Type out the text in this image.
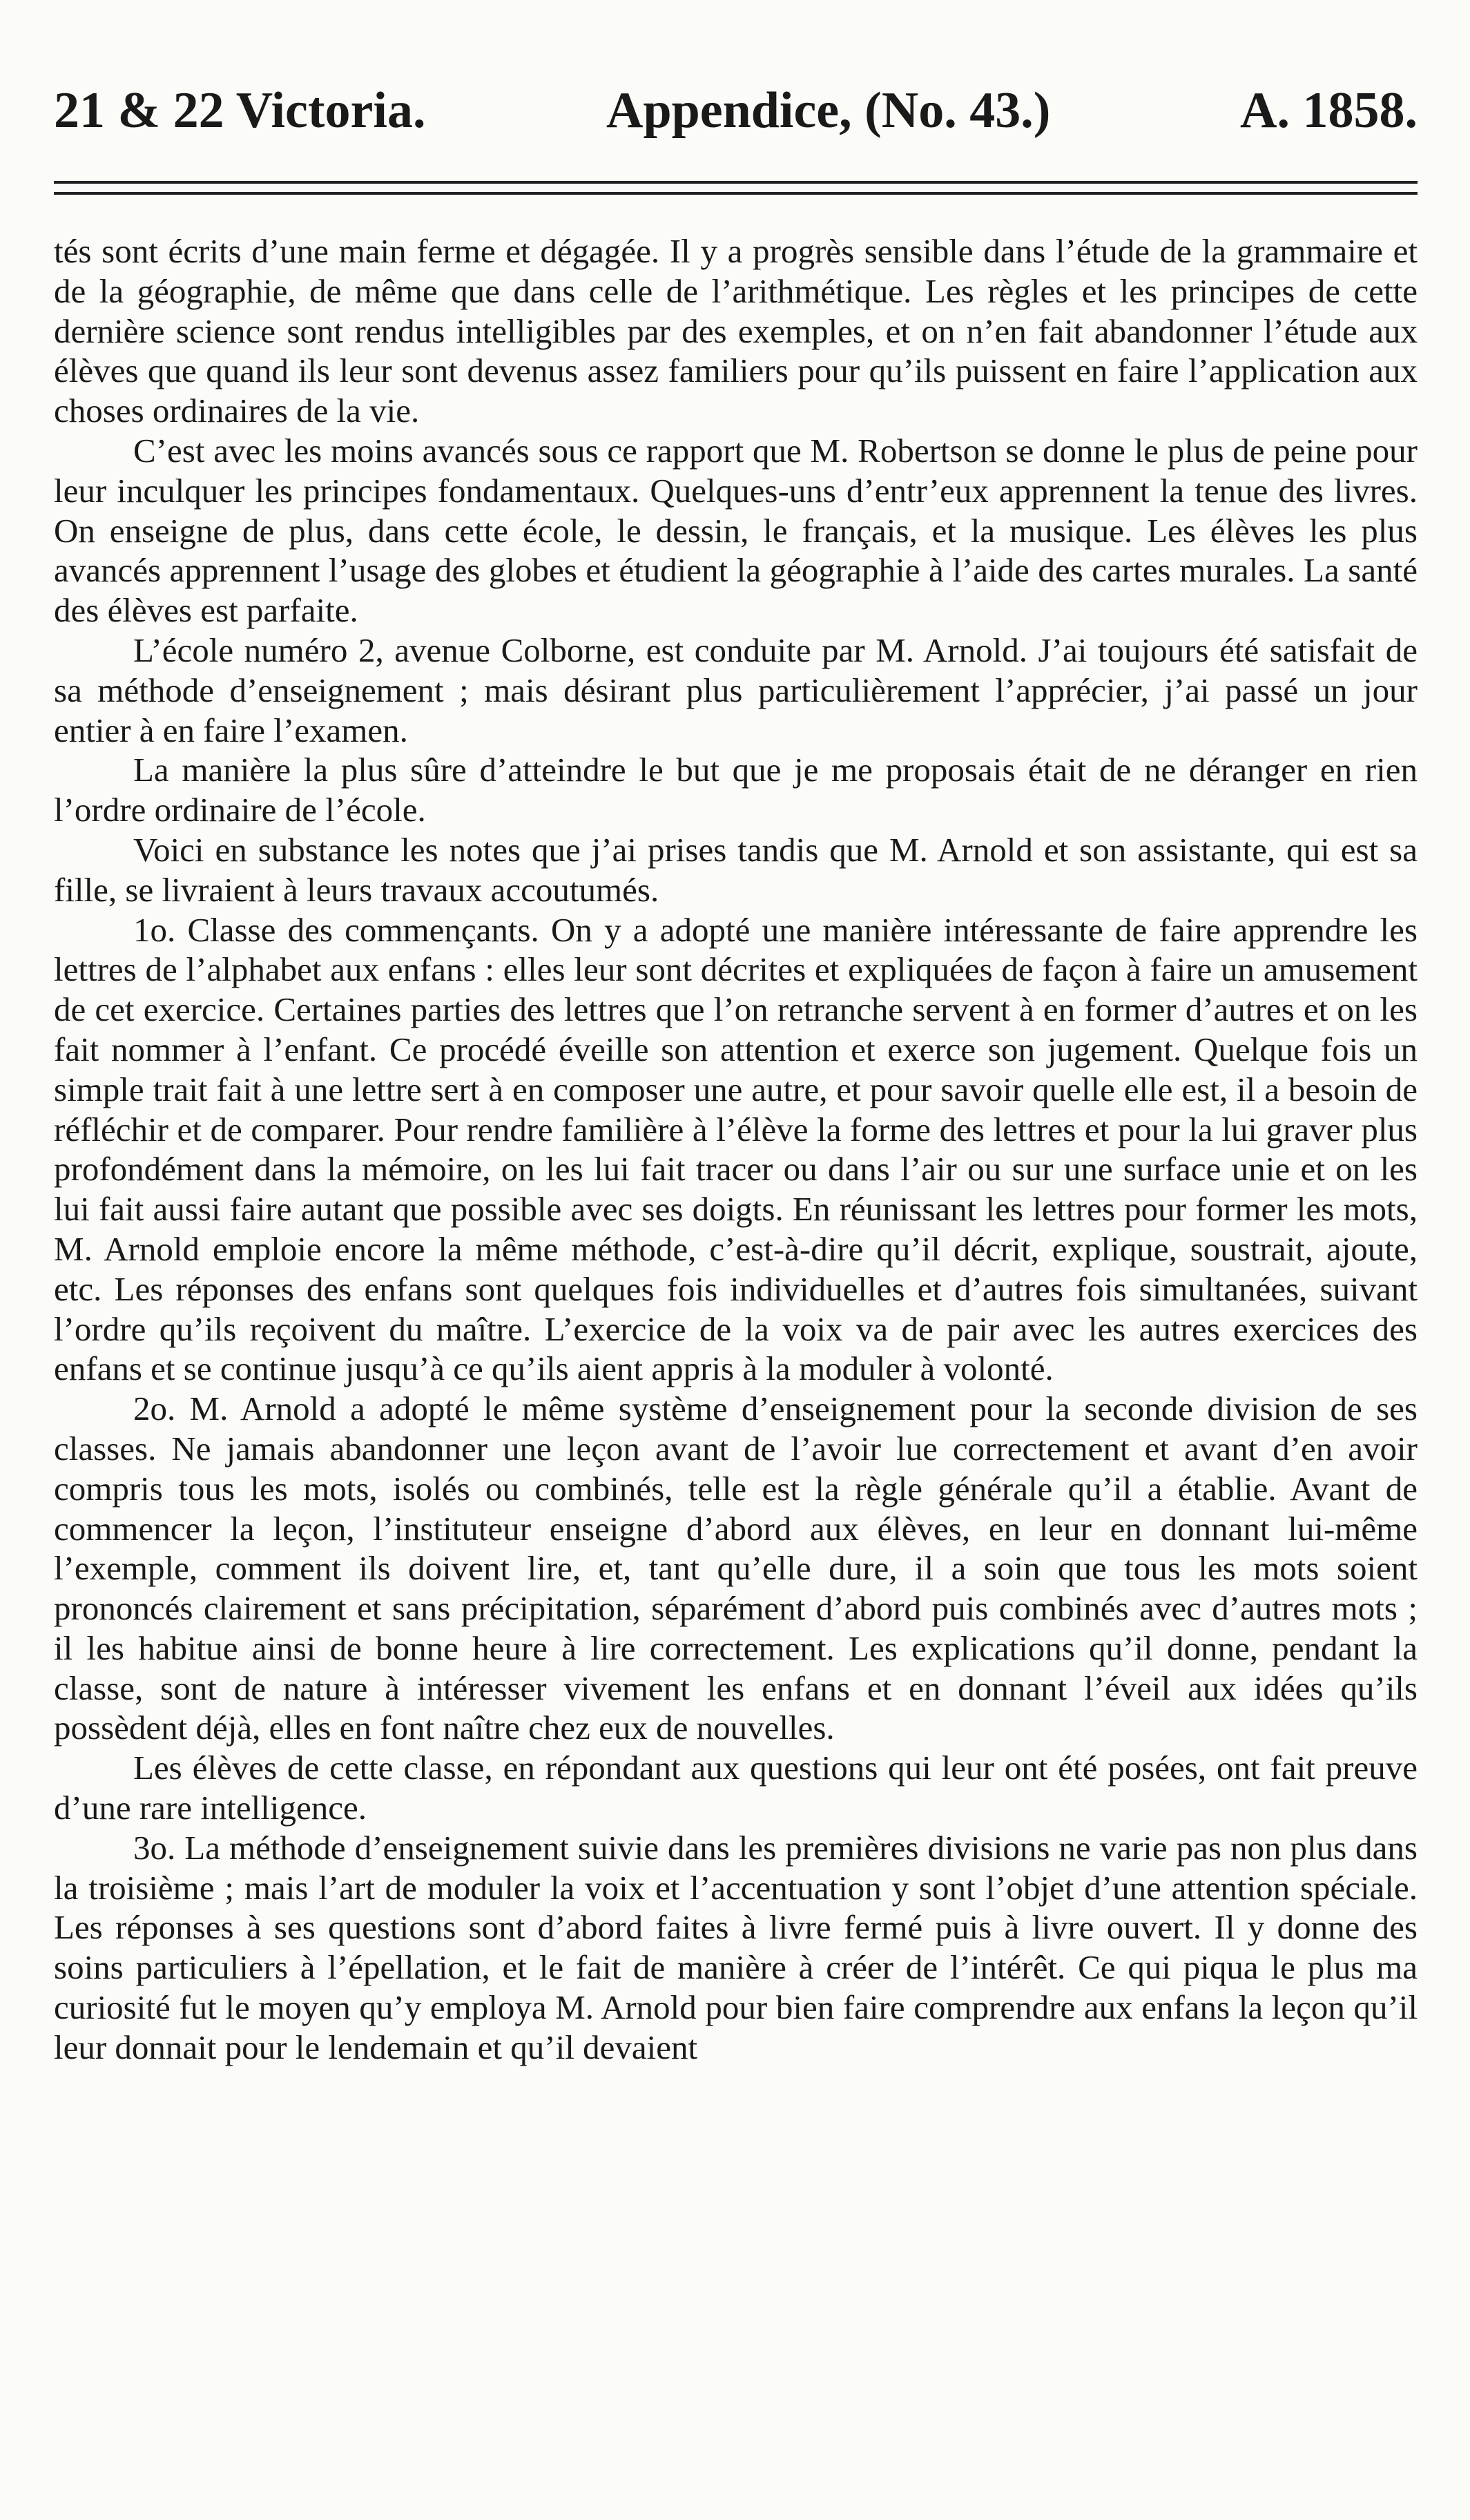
21 & 22 Victoria.	Appendice, (No. 43.)	A. 1858.

tés sont écrits d’une main ferme et dégagée. Il y a progrès sensible dans l’étude de la grammaire et de la géographie, de même que dans celle de l’arithmétique. Les règles et les principes de cette dernière science sont rendus intelligibles par des exemples, et on n’en fait abandonner l’étude aux élèves que quand ils leur sont devenus assez familiers pour qu’ils puissent en faire l’application aux choses ordinaires de la vie.

C’est avec les moins avancés sous ce rapport que M. Robertson se donne le plus de peine pour leur inculquer les principes fondamentaux. Quelques-uns d’entr’eux apprennent la tenue des livres. On enseigne de plus, dans cette école, le dessin, le français, et la musique. Les élèves les plus avancés apprennent l’usage des globes et étudient la géographie à l’aide des cartes murales. La santé des élèves est parfaite.

L’école numéro 2, avenue Colborne, est conduite par M. Arnold. J’ai toujours été satisfait de sa méthode d’enseignement ; mais désirant plus particulièrement l’apprécier, j’ai passé un jour entier à en faire l’examen.

La manière la plus sûre d’atteindre le but que je me proposais était de ne déranger en rien l’ordre ordinaire de l’école.

Voici en substance les notes que j’ai prises tandis que M. Arnold et son assistante, qui est sa fille, se livraient à leurs travaux accoutumés.

1o. Classe des commençants. On y a adopté une manière intéressante de faire apprendre les lettres de l’alphabet aux enfans : elles leur sont décrites et expliquées de façon à faire un amusement de cet exercice. Certaines parties des lettres que l’on retranche servent à en former d’autres et on les fait nommer à l’enfant. Ce procédé éveille son attention et exerce son jugement. Quelque fois un simple trait fait à une lettre sert à en composer une autre, et pour savoir quelle elle est, il a besoin de réfléchir et de comparer. Pour rendre familière à l’élève la forme des lettres et pour la lui graver plus profondément dans la mémoire, on les lui fait tracer ou dans l’air ou sur une surface unie et on les lui fait aussi faire autant que possible avec ses doigts. En réunissant les lettres pour former les mots, M. Arnold emploie encore la même méthode, c’est-à-dire qu’il décrit, explique, soustrait, ajoute, etc. Les réponses des enfans sont quelques fois individuelles et d’autres fois simultanées, suivant l’ordre qu’ils reçoivent du maître. L’exercice de la voix va de pair avec les autres exercices des enfans et se continue jusqu’à ce qu’ils aient appris à la moduler à volonté.

2o. M. Arnold a adopté le même système d’enseignement pour la seconde division de ses classes. Ne jamais abandonner une leçon avant de l’avoir lue correctement et avant d’en avoir compris tous les mots, isolés ou combinés, telle est la règle générale qu’il a établie. Avant de commencer la leçon, l’instituteur enseigne d’abord aux élèves, en leur en donnant lui-même l’exemple, comment ils doivent lire, et, tant qu’elle dure, il a soin que tous les mots soient prononcés clairement et sans précipitation, séparément d’abord puis combinés avec d’autres mots ; il les habitue ainsi de bonne heure à lire correctement. Les explications qu’il donne, pendant la classe, sont de nature à intéresser vivement les enfans et en donnant l’éveil aux idées qu’ils possèdent déjà, elles en font naître chez eux de nouvelles.

Les élèves de cette classe, en répondant aux questions qui leur ont été posées, ont fait preuve d’une rare intelligence.

3o. La méthode d’enseignement suivie dans les premières divisions ne varie pas non plus dans la troisième ; mais l’art de moduler la voix et l’accentuation y sont l’objet d’une attention spéciale. Les réponses à ses questions sont d’abord faites à livre fermé puis à livre ouvert. Il y donne des soins particuliers à l’épellation, et le fait de manière à créer de l’intérêt. Ce qui piqua le plus ma curiosité fut le moyen qu’y employa M. Arnold pour bien faire comprendre aux enfans la leçon qu’il leur donnait pour le lendemain et qu’il devaient
